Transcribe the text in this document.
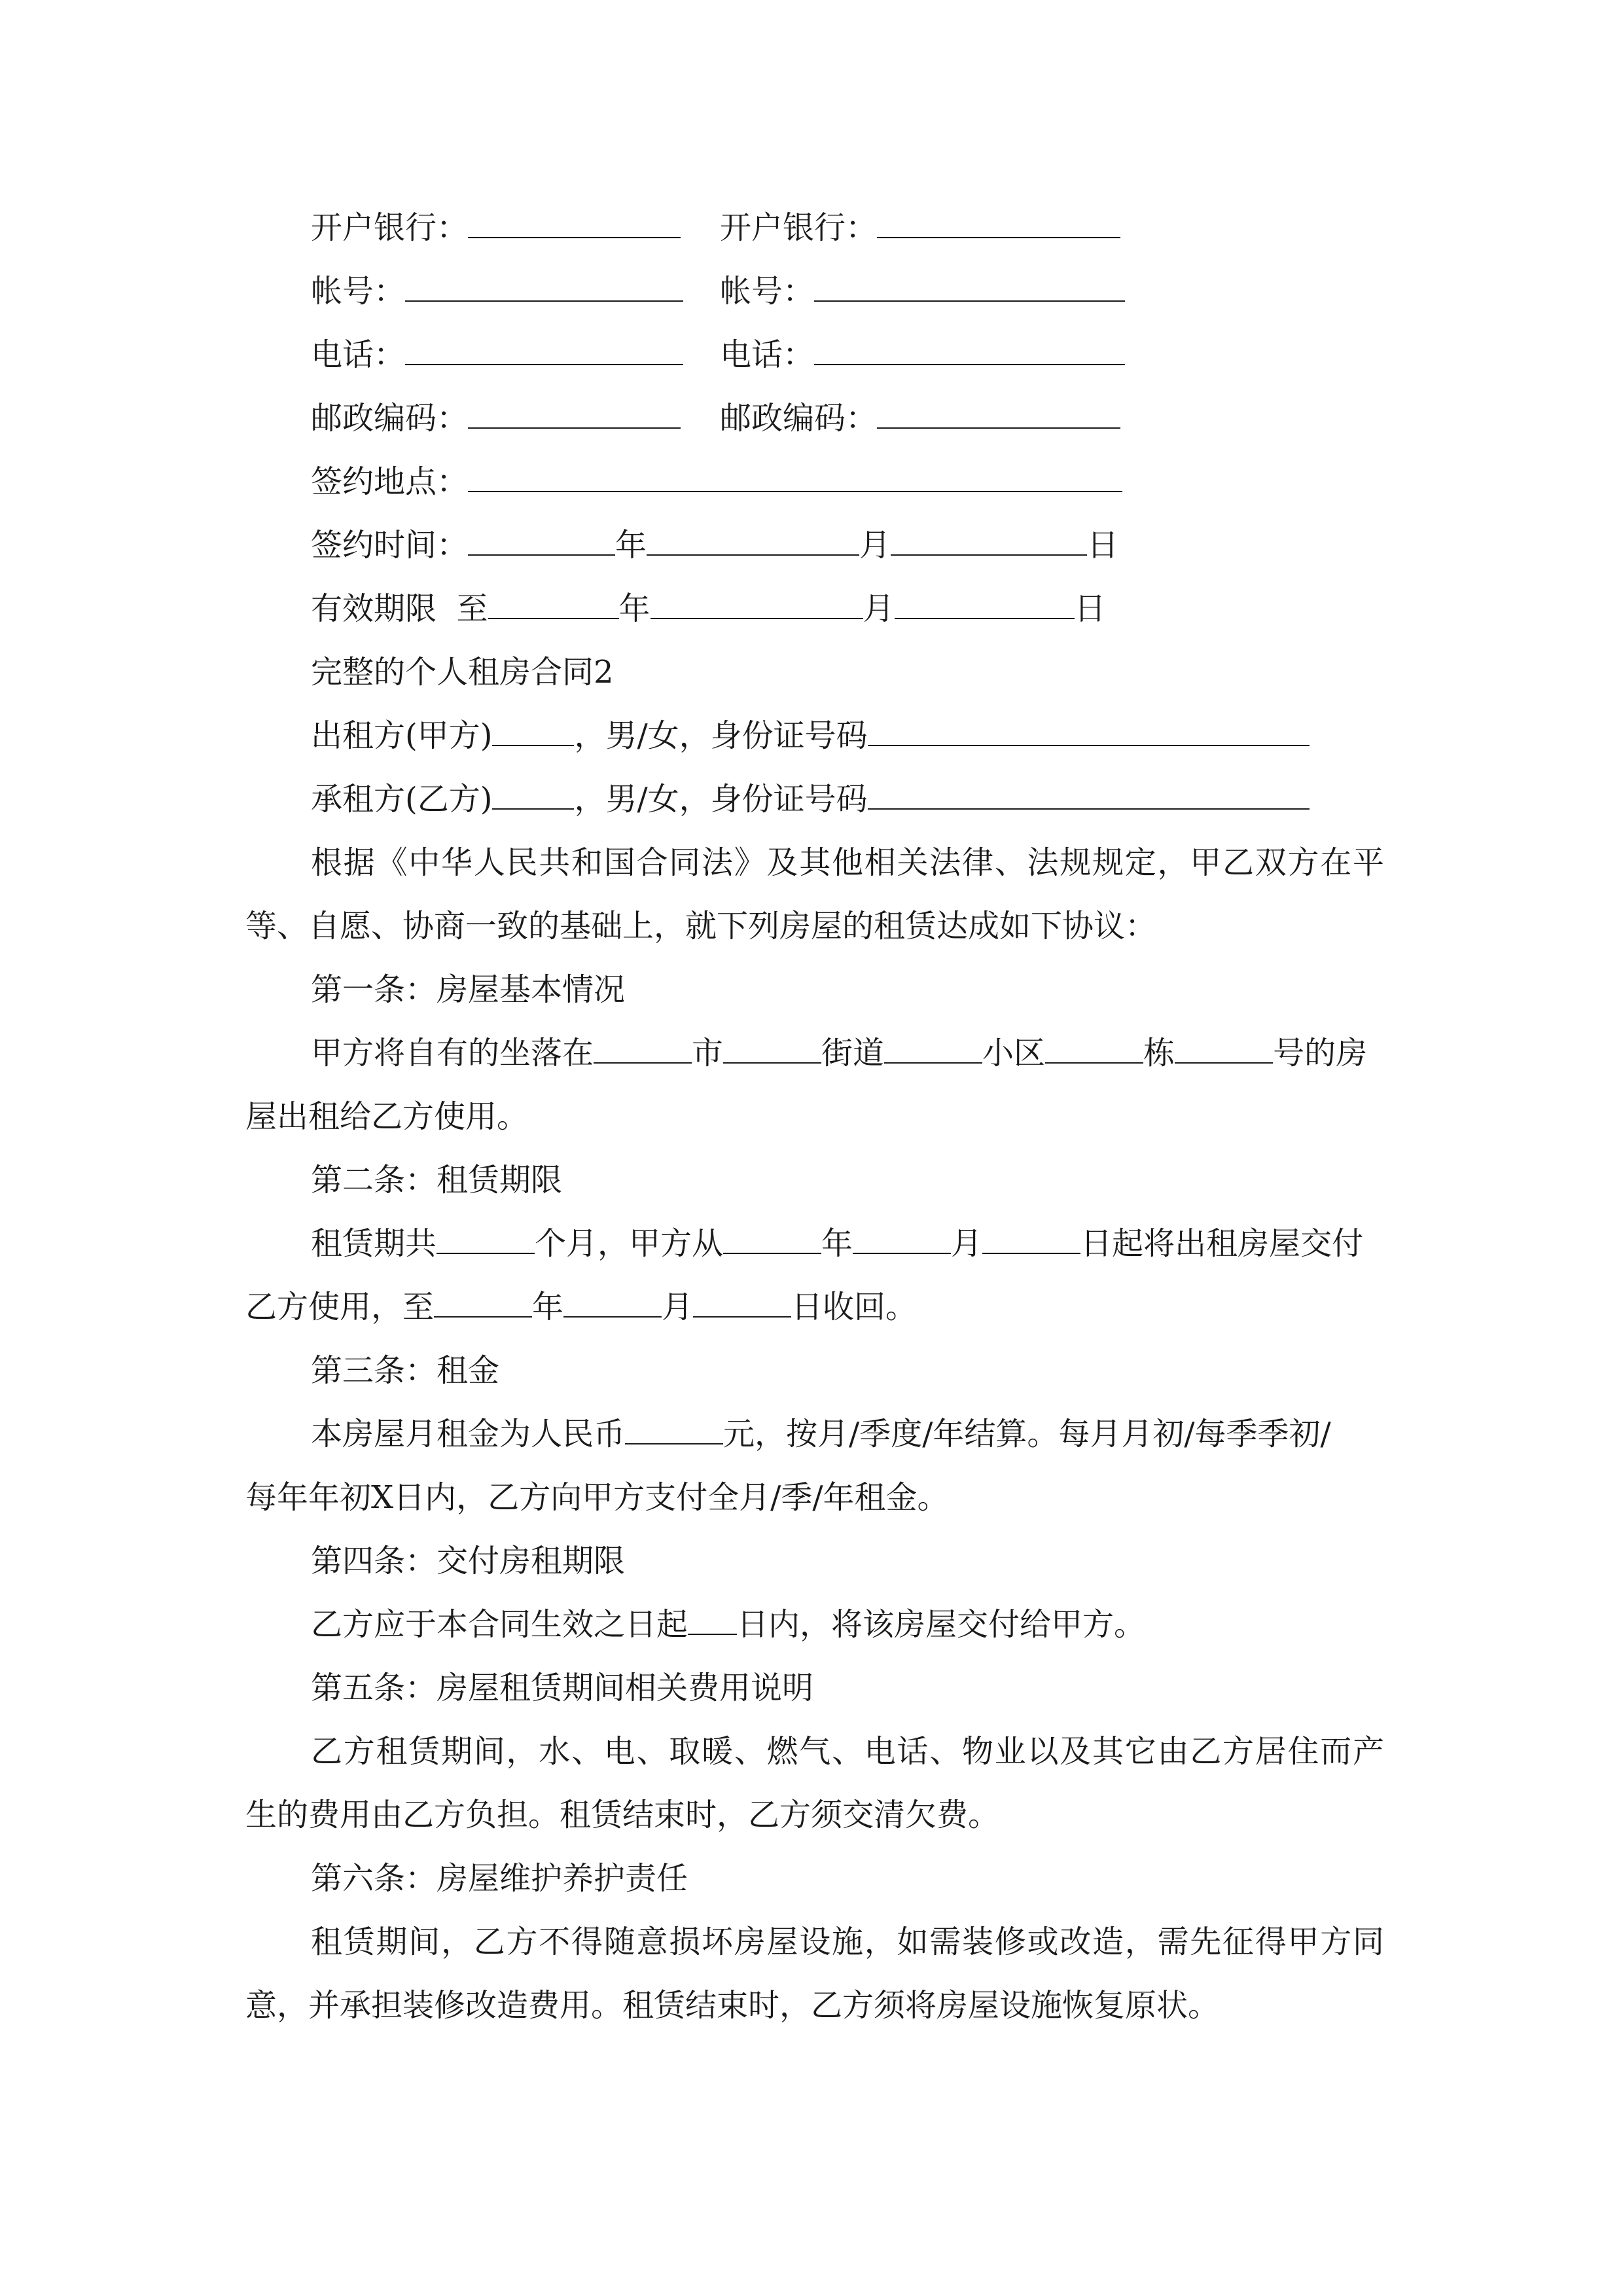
开户银行：	开户银行：
帐号：	帐号：
电话：	电话：
邮政编码：	邮政编码：
签约地点：
签约时间：	年	月	日
有效期限  至	年	月	日
完整的个人租房合同2
出租方(甲方)	，男/女，身份证号码
承租方(乙方)	，男/女，身份证号码
根据《中华人民共和国合同法》及其他相关法律、法规规定，甲乙双方在平
等、自愿、协商一致的基础上，就下列房屋的租赁达成如下协议：
第一条：房屋基本情况
甲方将自有的坐落在	市	街道	小区	栋	号的房
屋出租给乙方使用。
第二条：租赁期限
租赁期共	个月，甲方从	年	月	日起将出租房屋交付
乙方使用，至	年	月	日收回。
第三条：租金
本房屋月租金为人民币	元，按月/季度/年结算。每月月初/每季季初/
每年年初X日内，乙方向甲方支付全月/季/年租金。
第四条：交付房租期限
乙方应于本合同生效之日起 日内，将该房屋交付给甲方。
第五条：房屋租赁期间相关费用说明
乙方租赁期间，水、电、取暖、燃气、电话、物业以及其它由乙方居住而产
生的费用由乙方负担。租赁结束时，乙方须交清欠费。
第六条：房屋维护养护责任
租赁期间，乙方不得随意损坏房屋设施，如需装修或改造，需先征得甲方同
意，并承担装修改造费用。租赁结束时，乙方须将房屋设施恢复原状。
